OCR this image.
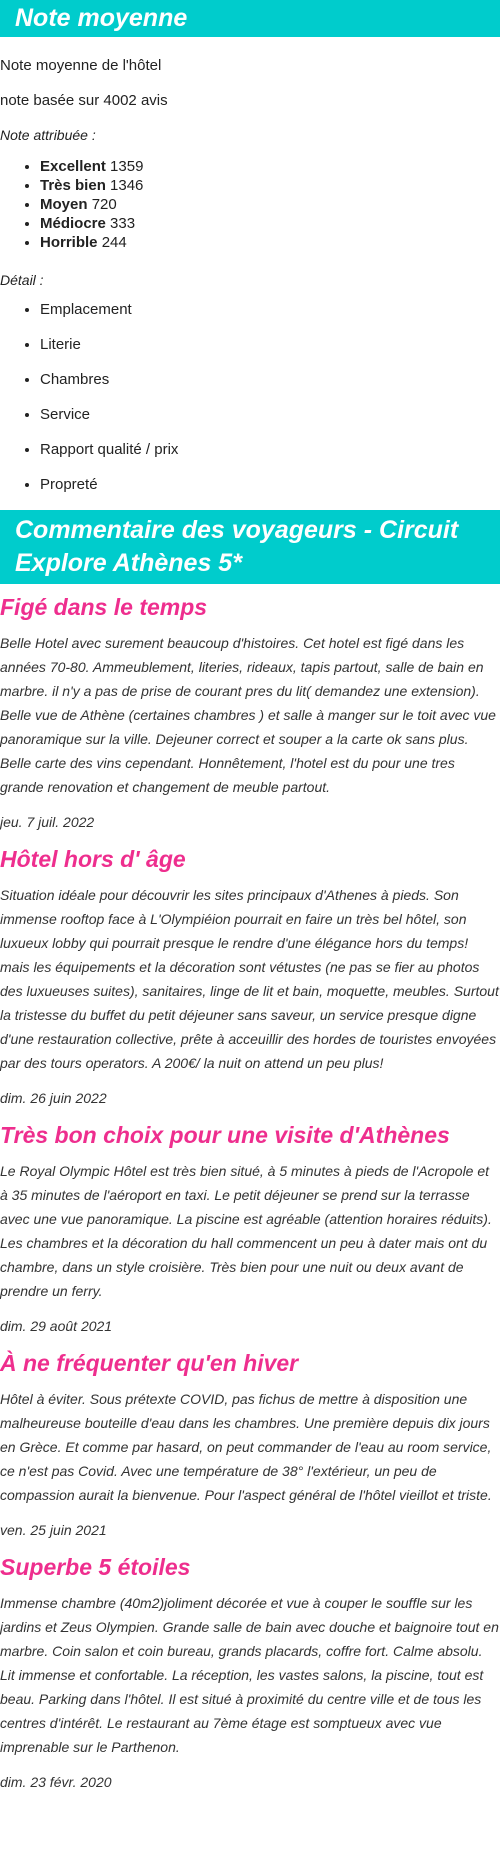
Note moyenne

Note moyenne de l'hôtel

note basée sur 4002 avis

Note attribuée :

• Excellent 1359
• Très bien 1346
• Moyen 720
• Médiocre 333
• Horrible 244

Détail :

• Emplacement
• Literie
• Chambres
• Service
• Rapport qualité / prix
• Propreté
Commentaire des voyageurs - Circuit Explore Athènes 5*
Figé dans le temps

Belle Hotel avec surement beaucoup d'histoires. Cet hotel est figé dans les années 70-80. Ammeublement, literies, rideaux, tapis partout, salle de bain en marbre. il n'y a pas de prise de courant pres du lit( demandez une extension). Belle vue de Athène (certaines chambres ) et salle à manger sur le toit avec vue panoramique sur la ville. Dejeuner correct et souper a la carte ok sans plus. Belle carte des vins cependant. Honnêtement, l'hotel est du pour une tres grande renovation et changement de meuble partout.

jeu. 7 juil. 2022

Hôtel hors d' âge

Situation idéale pour découvrir les sites principaux d'Athenes à pieds. Son immense rooftop face à L'Olympiéion pourrait en faire un très bel hôtel, son luxueux lobby qui pourrait presque le rendre d'une élégance hors du temps! mais les équipements et la décoration sont vétustes (ne pas se fier au photos des luxueuses suites), sanitaires, linge de lit et bain, moquette, meubles. Surtout la tristesse du buffet du petit déjeuner sans saveur, un service presque digne d'une restauration collective, prête à acceuillir des hordes de touristes envoyées par des tours operators. A 200€/ la nuit on attend un peu plus!

dim. 26 juin 2022

Très bon choix pour une visite d'Athènes

Le Royal Olympic Hôtel est très bien situé, à 5 minutes à pieds de l'Acropole et à 35 minutes de l'aéroport en taxi. Le petit déjeuner se prend sur la terrasse avec une vue panoramique. La piscine est agréable (attention horaires réduits). Les chambres et la décoration du hall commencent un peu à dater mais ont du chambre, dans un style croisière. Très bien pour une nuit ou deux avant de prendre un ferry.

dim. 29 août 2021

À ne fréquenter qu'en hiver

Hôtel à éviter. Sous prétexte COVID, pas fichus de mettre à disposition une malheureuse bouteille d'eau dans les chambres. Une première depuis dix jours en Grèce. Et comme par hasard, on peut commander de l'eau au room service, ce n'est pas Covid. Avec une température de 38° l'extérieur, un peu de compassion aurait la bienvenue. Pour l'aspect général de l'hôtel vieillot et triste.

ven. 25 juin 2021

Superbe 5 étoiles

Immense chambre (40m2)joliment décorée et vue à couper le souffle sur les jardins et Zeus Olympien. Grande salle de bain avec douche et baignoire tout en marbre. Coin salon et coin bureau, grands placards, coffre fort. Calme absolu. Lit immense et confortable. La réception, les vastes salons, la piscine, tout est beau. Parking dans l'hôtel. Il est situé à proximité du centre ville et de tous les centres d'intérêt. Le restaurant au 7ème étage est somptueux avec vue imprenable sur le Parthenon.

dim. 23 févr. 2020
